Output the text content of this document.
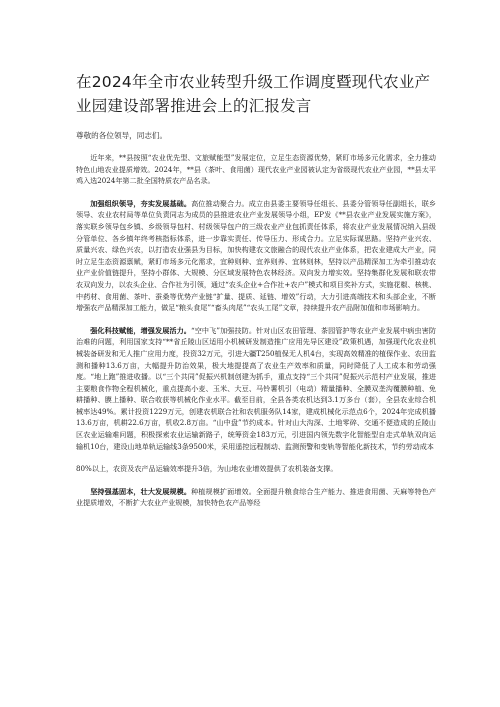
在2024年全市农业转型升级工作调度暨现代农业产业园建设部署推进会上的汇报发言

尊敬的各位领导，同志们。

近年来，**县按照“农业优先型、文旅赋能型”发展定位，立足生态资源优势，紧盯市场多元化需求，全力推动特色山地农业提质增效。2024年，**县（茶叶、食用菌）现代农业产业园被认定为省级现代农业产业园，**县太平鸡入选2024年第二批全国特质农产品名录。

加强组织领导，夯实发展基础。高位推动聚合力。成立由县委主要领导任组长、县委分管领导任副组长，联乡领导、农业农村局等单位负责同志为成员的县推进农业产业发展领导小组，EP发《**县农业产业发展实施方案》，落实联乡领导包乡镇、乡级领导包村、村级领导包户的三级农业产业包抓责任体系，将农业产业发展情况纳入县级分管单位、各乡镇年终考核指标体系，进一步靠实责任、传导压力、形成合力。立足实际谋思路。坚持产业兴农、质量兴农、绿色兴农，以打造农业强县为目标，加快构建农文旅融合的现代农业产业体系，把农业建成大产业，同时立足生态资源禀赋，紧盯市场多元化需求，宜种则种、宜养则养、宜林则林，坚持以产品精深加工为牵引推动农业产业价值链提升，坚持小群体、大规模、分区域发展特色农林经济。双向发力增实效。坚持集群化发展和联农带农双向发力，以农头企业、合作社为引领，通过“农头企业+合作社+农户”模式和项目奖补方式，实施花椒、核桃、中药材、食用菌、茶叶、蚕桑等优势产业链“扩量、提质、延链、增效”行动，大力引进高端技术和头部企业，不断增强农产品精深加工能力，做足“粮头食尾”“畜头肉尾”“农头工尾”文章，持续提升农产品附加值和市场影响力。

强化科技赋能，增强发展活力。“空中飞”加强技防。针对山区农田管理、茶园管护等农业产业发展中病虫害防治难的问题，利用国家支持“**省丘陵山区适用小机械研发制造推广应用先导区建设”政策机遇，加强现代化农业机械装备研发和无人推广应用力度，投资32万元，引进大疆T250植保无人机4台，实现高效精准的植保作业、农田监测和播种13.6万亩，大幅提升防治效果，极大地提提高了农业生产效率和质量，同时降低了人工成本和劳动强度。“地上跑”推进收播。以“三个共同”促振兴机制创建为抓手，重点支持“三个共同”促振兴示范村产业发展，推进主要粮食作物全程机械化，重点提高小麦、玉米、大豆、马铃薯机引（电动）精量播种、全膜双垄沟覆膜种植、免耕播种、膜上播种、联合收获等机械化作业水平。截至目前，全县各类农机达到3.1万多台（套），全县农业综合机械率达49%。累计投资1229万元，创建农机联合社和农机服务队14家，建成机械化示范点6个，2024年完成机播13.6万亩，机耕22.6万亩，机收2.8万亩。“山中盘”节约成本。针对山大沟深、土地零碎、交通不便造成的丘陵山区农业运输难问题，积极探索农业运输新路子，统筹资金183万元，引进国内领先数字化智能型自走式单轨双向运输机10台，建设山地单轨运输线3条9500米，采用遥控远程制动、监测预警和变轨等智能化新技术，节约劳动成本

80%以上，农资及农产品运输效率提升3倍，为山地农业增效提供了农机装备支撑。

坚持强基固本，壮大发展规模。种植规模扩面增效。全面提升粮食综合生产能力、推进食用菌、天麻等特色产业提质增效，不断扩大农业产业规模，加快特色农产品等经
